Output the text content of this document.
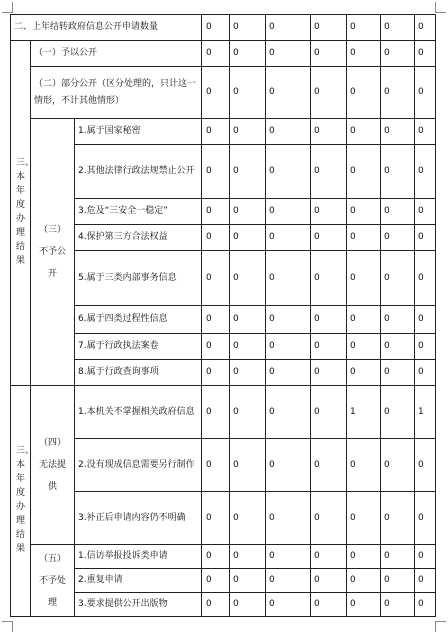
二、上年结转政府信息公开申请数量			0	0	0	0	0	0	0
三、本年度办理结果	（一）予以公开		0	0	0	0	0	0	0
	（二）部分公开（区分处理的，只计这一情形，不计其他情形）		0	0	0	0	0	0	0
	（三）不予公开	1.属于国家秘密	0	0	0	0	0	0	0
		2.其他法律行政法规禁止公开	0	0	0	0	0	0	0
		3.危及“三安全一稳定”	0	0	0	0	0	0	0
		4.保护第三方合法权益	0	0	0	0	0	0	0
		5.属于三类内部事务信息	0	0	0	0	0	0	0
		6.属于四类过程性信息	0	0	0	0	0	0	0
		7.属于行政执法案卷	0	0	0	0	0	0	0
		8.属于行政查询事项	0	0	0	0	0	0	0
三、本年度办理结果	（四）无法提供	1.本机关不掌握相关政府信息	0	0	0	0	1	0	1
		2.没有现成信息需要另行制作	0	0	0	0	0	0	0
		3.补正后申请内容仍不明确	0	0	0	0	0	0	0
	（五）不予处理	1.信访举报投诉类申请	0	0	0	0	0	0	0
		2.重复申请	0	0	0	0	0	0	0
		3.要求提供公开出版物	0	0	0	0	0	0	0
